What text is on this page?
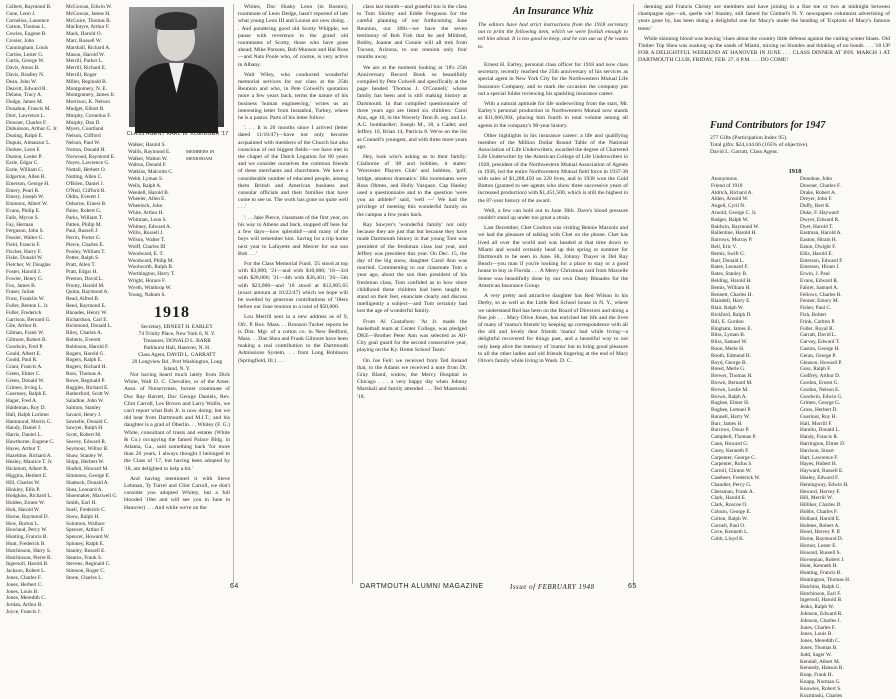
Colbert, Raymond B.
Cone, Leon J.
Cornelius, Laurence
Cotton, Thomas L.
Cowles, Eugene B.
Crosier, John
Cunningham, Louis
Curtiss, Lester G.
Curtis, George W.
Davis, Amos B.
Davis, Bradley N.
Dean, John W.
Deavitt, Edward R.
Delano, Tracy A.
Dodge, James M.
Donahue, Francis M.
Dorr, Lawrence L.
Downer, Charles F.
Dubuisson, Arthur G. Jr.
Duning, Ralph E.
Dupuis, Almanzor L.
Durkee, Leon F.
Duston, Lester P.
Earle, Edgar C.
Earle, William C.
Edgerton, Allen B.
Emerson, George H.
Emery, Pearl R.
Emery, Joseph W.
Emmons, Albert W.
Evans, Philip E.
Falls, Myron S.
Fay, Herman
Ferguson, John S.
Fessler, Walter G.
Field, Francis F.
Fischer, Harry F.
Fiske, Donald W.
Fletcher, W. Douglas
Foster, Harold J.
Fowler, Henry G.
Fox, James B.
Fraser, Julian
Frost, Franklin W.
Fuller, Benton L. Jr.
Fuller, Frederick
Garrison, Bernard G.
Gile, Arthur R.
Gilman, Frank W.
Gilmore, Robert B.
Goodwin, Fred P.
Gould, Albert E.
Gould, Paul R.
Grant, Francis A.
Green, Elmer C.
Green, Donald W.
Grimes, Irving L.
Guernsey, Ralph E.
Hager, Fred A.
Haldeman, Roy D.
Hall, Ralph Lorimer
Hammond, Morris G.
Handy, Daniel J.
Harris, Daniel L.
Hawthorne, Eugene C.
Hayes, Arthur T.
Hazeltine, Richard A.
Healey, Maurice T. Jr.
Hickmott, Albert R.
Higgins, Herbert E.
Hill, Charles W.
Hinkley, Ellis P.
Hodgkins, Richard L.
Holden, Ernest W.
Hoit, Harold W.
Horne, Raymond D.
How, Burton L.
Howland, Percy W.
Hunting, Francis B.
Hunt, Frederick B.
Hutchinson, Harry S.
Hutchinson, Pierre B.
Ingersoll, Harold B.
Jackson, Robert L.
Jones, Charles F.
Jones, Herbert C.
Jones, Louis B.
Jones, Meredith C.
Jordan, Arthur B.
Joyce, Francis J.
McGowan, Edwin W.
McGowan, James H.
McGuire, Thomas B.
MacIntyre, Arthur F.
Mack, Harold O.
Marr, Russell W.
Marshall, Richard A.
Mason, Harold W.
Merrill, Parker L.
Merrill, Richard E.
Merrill, Roger
Miller, Reginald B.
Montgomery, N. E.
Montgomery, James Jr.
Morrison, K. Nelson
Mudget, Elliott B.
Murphy, Cornelius F.
Murphy, Dan D.
Myers, Courtland
Nelson, Clifford
Nelson, Paul W.
Norton, Donald H.
Norwood, Raymond E.
Noyes, Lawrence G.
Nuttall, Herbert O.
Nutting, Allen C.
O'Brien, Daniel J.
O'Neil, Clifford R.
Oldin, Everett J.
Osborne, Ernest B.
Paine, Robert G.
Parks, William T.
Patten, Philip M.
Paul, Russell J.
Perrin, Porter G.
Pierce, Charles E.
Pooley, William T.
Potter, Ralph S.
Pratt, Allen T.
Pratt, Edgar H.
Preston, David L.
Prouty, Harold M.
Quinn, Raymond A.
Read, Alfred B.
Reed, Raymond E.
Rhoades, Henry W.
Richardson, Carl E.
Richmond, Donald L.
Riley, Charles A.
Roberts, Everett
Robinson, Harold F.
Rogers, Harold G.
Rogers, Ralph E.
Rogers, Richard H.
Ross, Thomas A.
Rowe, Reginald P.
Ruggles, Richard E.
Rutherford, Scott W.
Saladine, John W.
Salmon, Stanley
Savard, Henry J.
Sawtelle, Donald C.
Sawyer, Ralph H.
Scott, Robert M.
Seavey, Edward R.
Seymour, Wilbur B.
Shaw, Stanley W.
Shipp, Herbert W.
Shufelt, Howard M.
Simmons, George E.
Shattuck, Donald A.
Shea, Leonard A.
Shoemaker, Maxwell G.
Smith, Earl H.
Snell, Frederick C.
Snow, Ralph H.
Solomon, Wallace
Spencer, Arthur F.
Spencer, Howard W.
Spinney, Ralph E.
Stanley, Russell E.
Stearns, Frank S.
Stevens, Reginald C.
Stimson, Roger C.
Stone, Charles L.
CLASS AGENT KARL W. KOENIGER '17
Walker, Harold S.
Wallis, Raymond E.
Walker, Walton W.
Walton, Donald F.
Watkins, Malcolm C.
Webb, Lyman S.
Wells, Ralph A.
Wendell, Harold B.
Wheeler, Allen E.
Wheelock, John
White, Arthur H.
Whitman, Leon S.
Whitney, Edward A.
Willis, Russell J.
Wilson, Walter T.
Wolff, Charles III
Woodward, E. T.
Woodward, Philip M.
Woolworth, Ralph B.
Worthington, Harry T.
Wright, Horace F.
Wyeth, Winthrop W.
Young, Nahum S.

MEMBERS IN MEMORIAM

1918
Secretary, ERNEST H. EARLEY
74 Trinity Place, New York 6, N. Y.
Treasurer, DONALD L. BARR
Parkhurst Hall, Hanover, N. H.
Class Agent, DAVID L. GARRATT
20 Longview Rd., Port Washington, Long Island, N. Y.

Not having heard much lately from Dick White, Walt D. C. Chevalier, or of the Amer. Assn. of Nurserymen, former roommate of Doc Ray Barrett, Doc George Daniels, Rev. Clint Carroll, Les Brown and Larry Wallis, we can't report what Bob Jr. is now doing; but we did hear from Dartmouth and M.I.T.; and his daughter is a grad of Oberlin. . . Whitey (F. G.) White, consultant of trusts and estates (White & Co.) occupying the famed Palace Bldg. in Atlanta, Ga., said something back 'for more than 20 years, I always thought I belonged to the Class of '17, but having been adopted by '18, am delighted to help a bit.'

And having mentioned it with Steve Lehman, Ty Turrel and Clint Carroll, we don't consider you adopted Whitey, but a full blooded '18er and will see you in June in Hanover) . . . And while we're on the

Whites, Doc Husky Leon (in Boston), roommate of Leon Dedge, hasn't reported of late what young Leon III and Louise are now doing. . . And pondering good old Scotty Whipple, we pause with reverence to the grand old roommates of Scotty, those who have gone ahead; Mike Parsons, Bob Munson and Hal Ross—and Nuts Poole who, of course, is very active in Albany.

Walt Wiley, who conducted wonderful memorial services for our class at the 25th Reunion and who, in Pete Colwell's quotation more a few years back, terms the nature of his business 'human engineering,' writes us an interesting letter from Instanbul, Turkey, where he is a pastor. Parts of his letter follow:

'. . . It is 20 months since I arrived (letter dated 11/16/47)—have not only become acquainted with members of the Church but also conscious of our biggest fields—we have met in the chapel of the Dutch Legation for 80 years and we consider ourselves the common friends of these merchants and churchmen. We have a considerable number of educated people, among them British and American business and consular officials and their families that have come to see us. The work has gone on quite well . . .'

'. . . Jake Pierce, classmate of the first year, on his way to Athens and back, stopped off here for a few days—how splendid!—and many of the boys will remember him. Saving for a trip home next year to Lafayette and Mercer for our son Bob . . .'

For the Class Memorial Fund, '25 stood at top with $3,000; '21—and with $10,000; '18—3rd with $28,000; '21—4th with $26,461; '26—5th with $23,000—and '18 stood at $12,005.65 (exact amount at 10/22/47) which we hope will be swelled by generous contributions of '18ers before our June reunion to a total of $50,000.

Lou Merrill sent in a new address as of 9, Ofc. P. Box. Mass. . . Bronson Tucker reports he is Dist. Mgr. of a cotton co. in New Bedford, Mass. . . Dan Shea and Frank Gilmore have been making a real contribution to the Dartmouth Admissions System. . . from Long Robinson (Springfield, Ill.) . . .

class last month—and grateful too is the class to Tom Shirley and Eddie Ferguson for the careful planning of our forthcoming June Reunion, our 30th—we have the seven testimony of Bob Fish that he and Mildred, Bobby, Joanne and Connie will all trek from Tucson, Arizona, to our reunion only four months away.

We are at the moment looking at '18's 25th Anniversary Record Book so beautifully compiled by Pete Colwell and specifically at the page headed 'Thomas J. O'Connell,' whose family has been and is still making history at Dartmouth. In that compiled questionnaire of three years ago are listed six children: Carol Ann, age 10, in the Waverly Tenn B. org. and Lt. A.C. bombardier; Joseph M., 18, a Cadet; and Jeffrey 16, Brian 14, Patricia 8. We're on the list as Connell's youngest, and with three more years ago.

Hey, look who's asking us to their family: Claiborne of '48 and bobbies, it states: 'Worcester Players Club' and hobbies, 'golf, bridge, amateur dramatics.' His roommates were Russ Ohmes, and Holly Vazquez. Cap Hanley used a questionnaire and to the question 'were you an athlete?' said, 'well —' We had the privilege of meeting this wonderful family on the campus a few years back.

Ray Sawyer's 'wonderful family' not only because they are just that but because they have made Dartmouth history in that young Tom was president of the freshman class last year, and Jeffrey was president this year. On Dec. 15, the day of the big snow, daughter Carol Ann was married. Commenting to our classmate Tom a year ago, about the son then president of his freshman class, Tom confided as to how since childhood these children had been taught to stand on their feet, enunciate clearly and discuss intelligently a subject—and Tom certainly had lost the age of wonderful family.

From Al Gustafson: 'At Jr. made the basketball team at Center College, was pledged DKE—Brother Peter Ann was selected as All-City goal guard for the second consecutive year, playing on the Ky. Home School Team.'

On Joe Feil: we received from Ted Ireland that, to the Adams we received a note from Dr. Gray Bland, widow, the Mercy Hospital in Chicago . . . a very happy day when Johnny Marshall and family attended . . . Ted Mazeroski '18.

An Insurance Whiz
The editors have had strict instructions from the 1918 secretary not to print the following item, which we were foolish enough to tell him about. It is too good to keep, and he can sue us if he wants to.

Ernest H. Earley, personal class officer for 1918 and now class secretary, recently reached the 25th anniversary of his services as special agent in New York City for the Northwestern Mutual Life Insurance Company, and to mark the occasion the company put out a special folder reviewing his sparkling insurance career.

With a natural aptitude for life underwriting from the start, Mr. Earley's personal production in Northwestern Mutual now stands at $11,666,904, placing him fourth in total volume among all agents in the company's 90-year history.

Other highlights in his insurance career: a life and qualifying member of the Million Dollar Round Table of the National Association of Life Underwriters, awarded the degree of Chartered Life Underwriter by the American College of Life Underwriters in 1928, president of the Northwestern Mutual Association of Agents in 1936, led the entire Northwestern Mutual field force in 1937-38 with sales of $1,288,450 on 220 lives, and in 1938 won the Gold Button (granted to see agents who show three successive years of increased production) with $1,451,500, which is still the highest in the 87-year history of the award.

Well, a few can hold out to June 30th. Dave's blood pressure couldn't stand up under too great a strain.

Last December, Chet Coolton was visiting Bennie Mazzolo and we had the pleasure of talking with Chet on the phone. Chet has lived all over the world and was headed at that time down to Miami and would certainly head up this spring or summer for Dartmouth to be seen in June. Hi, Johnny Thayer in Del Ray Beach—you man if you're looking for a place to stay or a good house to buy in Florida . . . A Merry Christmas card from Marcelle Senne was beautifully done by our own Dusty Rhoades for the American Insurance Group.

A very pretty and attractive daughter has Red Wilson in his Derby, so as well as the Little Red School house in N. Y., where we understand Red has been on the Board of Directors and doing a fine job . . . Mary Olive Jones, has enriched her life and the lives of many of 'mama's friends' by keeping up correspondence with all the old and lovely dear friends 'mama' had while living—a delightful recovered for things past, and a beautiful way to not only keep alive the memory of 'mama' but to bring good pleasure to all the other ladies and old friends lingering at the end of Mary Olive's family while living in Wash. D. C.

denning and Francis Christy are members and have joining in a fine toe or two at midnight between champagne sips—oh, quelle vie! Stanley, still famed for Gimbel's N. Y. newspapers columnist advertising of years gone by, has been doing a delightful one for Macy's under the heading of 'Exploits of Macy's famous tester.'

While skinning blood was leaving 'clues about the country little defense against the cutting winter blasts. Old Timber Top Shea was soaking up the sands of Miami, mixing no blondes and thinking of no bonds . . . '18 UP FOR A DELIGHTFUL WEEKEND AT HANOVER IN JUNE . . . CLASS DINNER AT INN. MARCH 1 AT DARTMOUTH CLUB, FRIDAY, FEB. 27, 6 P.M. . . . DO COME!

Fund Contributors for 1947
277 Gifts (Participation Index 95).
Total gifts: $24,144.66 (165% of objective).
David L. Garratt, Class Agent.
1918
Anonymous
Friend of 1918
Aldrich, Richard A.
Alden, Arnold W.
Angell, Cyril N.
Arnold, George C. Jr.
Badger, Ralph W.
Baldwin, Raymond W.
Ballentine, Harold H.
Barrows, Murray P.
Bell, Eric V.
Bemis, Swift G.
Barr, Donald L.
Bates, Leonard F.
Bates, Stanley R.
Belding, Harold H.
Bemis, William H.
Bennett, Charles H.
Blaisdell, Harry E.
Blair, Ralph W.
Bickford, Ralph D.
Bill, E. Gordon
Bingham, James E.
Bliss, Lyman B.
Bliss, Samuel W.
Boon, Merle H.
Booth, Edmund H.
Boyd, George B.
Breed, Merle G.
Brewer, Thomas H.
Brown, Bernard M.
Brown, Leslie M.
Brown, Ralph A.
Bugbee, Elmer H.
Bugbee, Lemuel P.
Bunnell, Harry W.
Burr, James H.
Burrows, Oscar P.
Campbell, Thomas P.
Cann, Howard G.
Carey, Kenneth F.
Carpenter, George C.
Carpenter, Rufus S.
Carroll, Clinton W.
Casebeer, Frederick W.
Chandler, Percy G.
Chessman, Frank A.
Clark, Harold E.
Clark, Roscoe O.
Coburn, George E.
Colton, Ralph W.
Cornell, Paul O.
Cove, Kenneth L.
Cobb, Lloyd K.
Donohue, John
Downer, Charles F.
Drake, Robert A.
Dreyer, John F.
Duffy, Bert K.
Duke, F. Hayward
Dwyer, Edward R.
Dyer, Harold T.
Eastman, Harold A.
Easton, Hiram H.
Eaton, Dwight F.
Ellis, Harold E.
Emerson, Edward F.
Emerson, Hiram J.
Erwin, J. Paul
Evans, Edward R.
Fahrer, Samuel A.
Fellows, Charles R.
Fenner, Emory M.
Fisher, Paul C.
Fish, Robert
Frink, Carlton P.
Fuller, Royal R.
Garratt, David L.
Garvey, Edward T.
Gaston, George H.
Geran, George P.
Gleason, Howard P.
Goss, Ralph F.
Godfrey, Arthur D.
Gordon, Ernest G.
Gordon, Nelson E.
Goodwin, Edwin G.
Grimes, George G.
Gross, Herbert D.
Guerinot, Roy H.
Hall, Morrill F.
Hamlin, Donald L.
Handy, Francis R.
Harrington, Elmer D.
Harrison, Stuart
Hart, Lawrence F.
Hayes, Hubert H.
Hayward, Russell E.
Healey, Edward F.
Hemingway, Edwin H.
Heward, Harvey F.
Hill, Merrill W.
Hilliker, Charles D.
Hobbs, Charles F.
Holland, Harold E.
Holmes, Robert A.
Hood, Harvey P. II
Horne, Raymond D.
Hornor, Lester E.
Howard, Russell S.
Hovsepian, Robert J.
Hunt, Kenneth H.
Hunting, Francis B.
Huntington, Thomas H.
Hutchins, Ralph G.
Hutchinson, Earl F.
Ingersoll, Harold B.
Jenks, Ralph W.
Johnson, Edward R.
Johnson, Charles J.
Jones, Charles F.
Jones, Louis B.
Jones, Meredith C.
Jones, Thomas B.
Judd, Sager W.
Kendall, Albert M.
Kennedy, Hanson R.
Knap, Frank H.
Knapp, Norman G.
Knowles, Robert S.
Kozminski, Charles
64	DARTMOUTH ALUMNI MAGAZINE	Issue of FEBRUARY 1948	65
